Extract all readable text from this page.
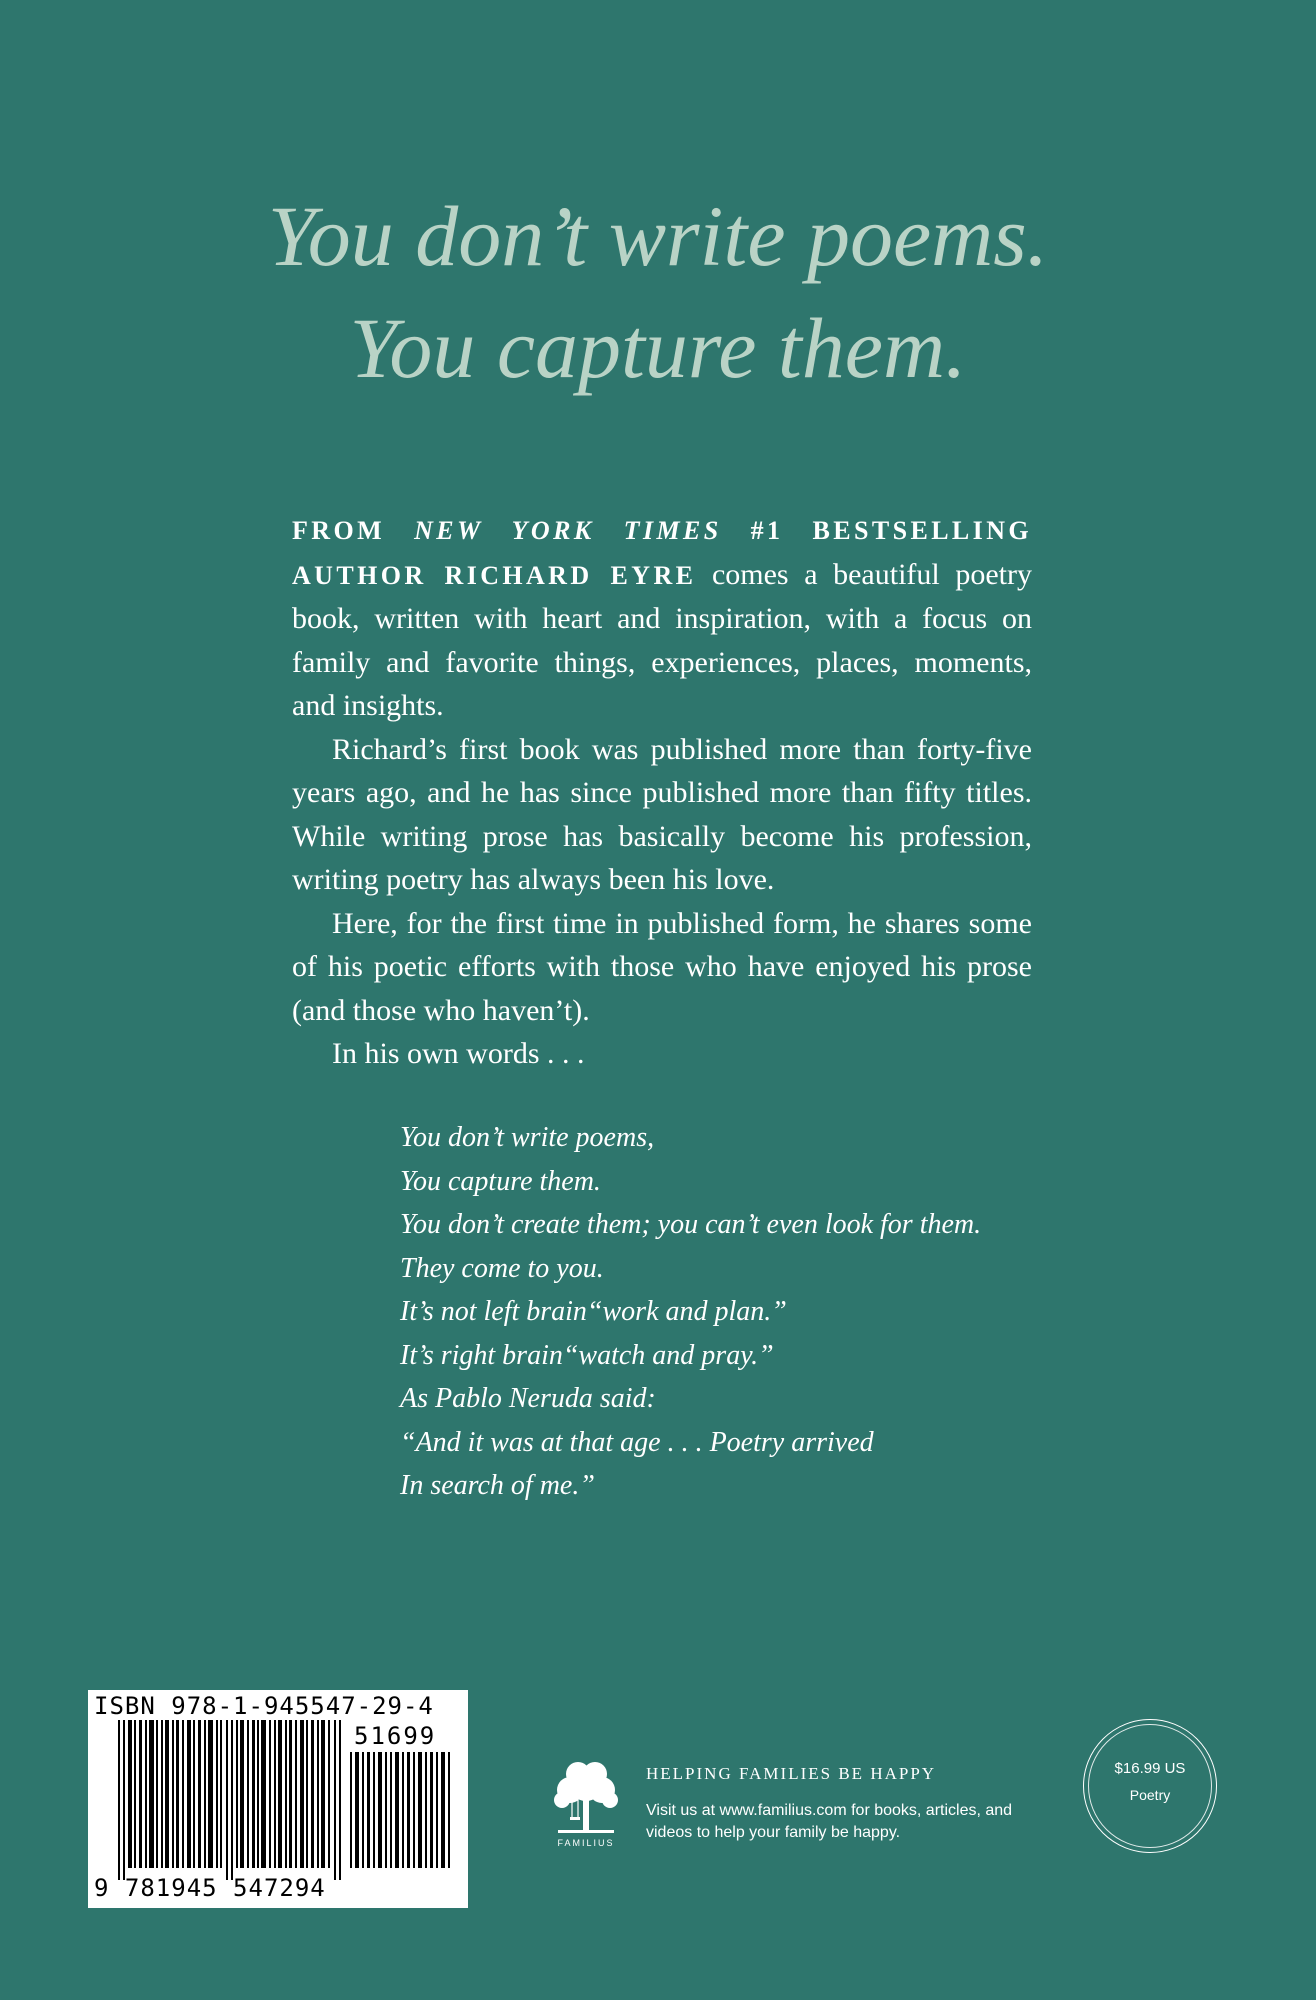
You don’t write poems.
You capture them.

FROM NEW YORK TIMES #1 BESTSELLING AUTHOR RICHARD EYRE comes a beautiful poetry book, written with heart and inspiration, with a focus on family and favorite things, experiences, places, moments, and insights.

Richard’s first book was published more than forty-five years ago, and he has since published more than fifty titles. While writing prose has basically become his profession, writing poetry has always been his love.

Here, for the first time in published form, he shares some of his poetic efforts with those who have enjoyed his prose (and those who haven’t).

In his own words . . .

You don’t write poems,
You capture them.
You don’t create them; you can’t even look for them.
They come to you.
It’s not left brain“work and plan.”
It’s right brain“watch and pray.”
As Pablo Neruda said:
“And it was at that age . . . Poetry arrived
In search of me.”
ISBN 978-1-945547-29-4
51699
9 781945 547294
FAMILIUS
HELPING FAMILIES BE HAPPY
Visit us at www.familius.com for books, articles, and videos to help your family be happy.
$16.99 US
Poetry
